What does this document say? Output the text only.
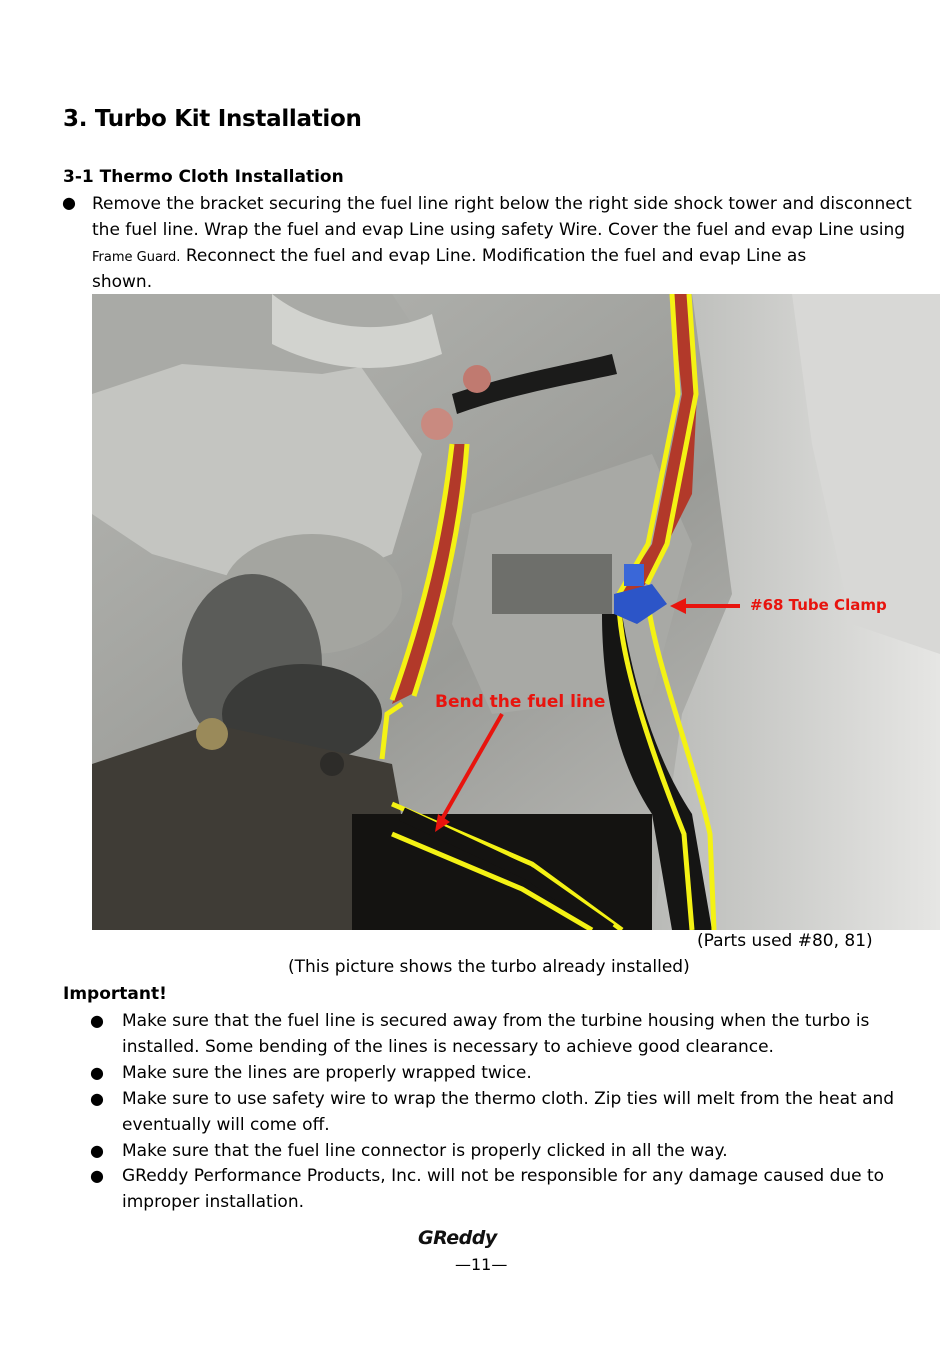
3. Turbo Kit Installation
3-1 Thermo Cloth Installation
● Remove the bracket securing the fuel line right below the right side shock tower and disconnect
the fuel line. Wrap the fuel and evap Line using safety Wire. Cover the fuel and evap Line using
Frame Guard. Reconnect the fuel and evap Line. Modification the fuel and evap Line as
shown.
#68 Tube Clamp
Bend the fuel line
(Parts used #80, 81)
(This picture shows the turbo already installed)
Important!
● Make sure that the fuel line is secured away from the turbine housing when the turbo is
installed. Some bending of the lines is necessary to achieve good clearance.
● Make sure the lines are properly wrapped twice.
● Make sure to use safety wire to wrap the thermo cloth. Zip ties will melt from the heat and
eventually will come off.
● Make sure that the fuel line connector is properly clicked in all the way.
● GReddy Performance Products, Inc. will not be responsible for any damage caused due to
improper installation.
GReddy
—11—
